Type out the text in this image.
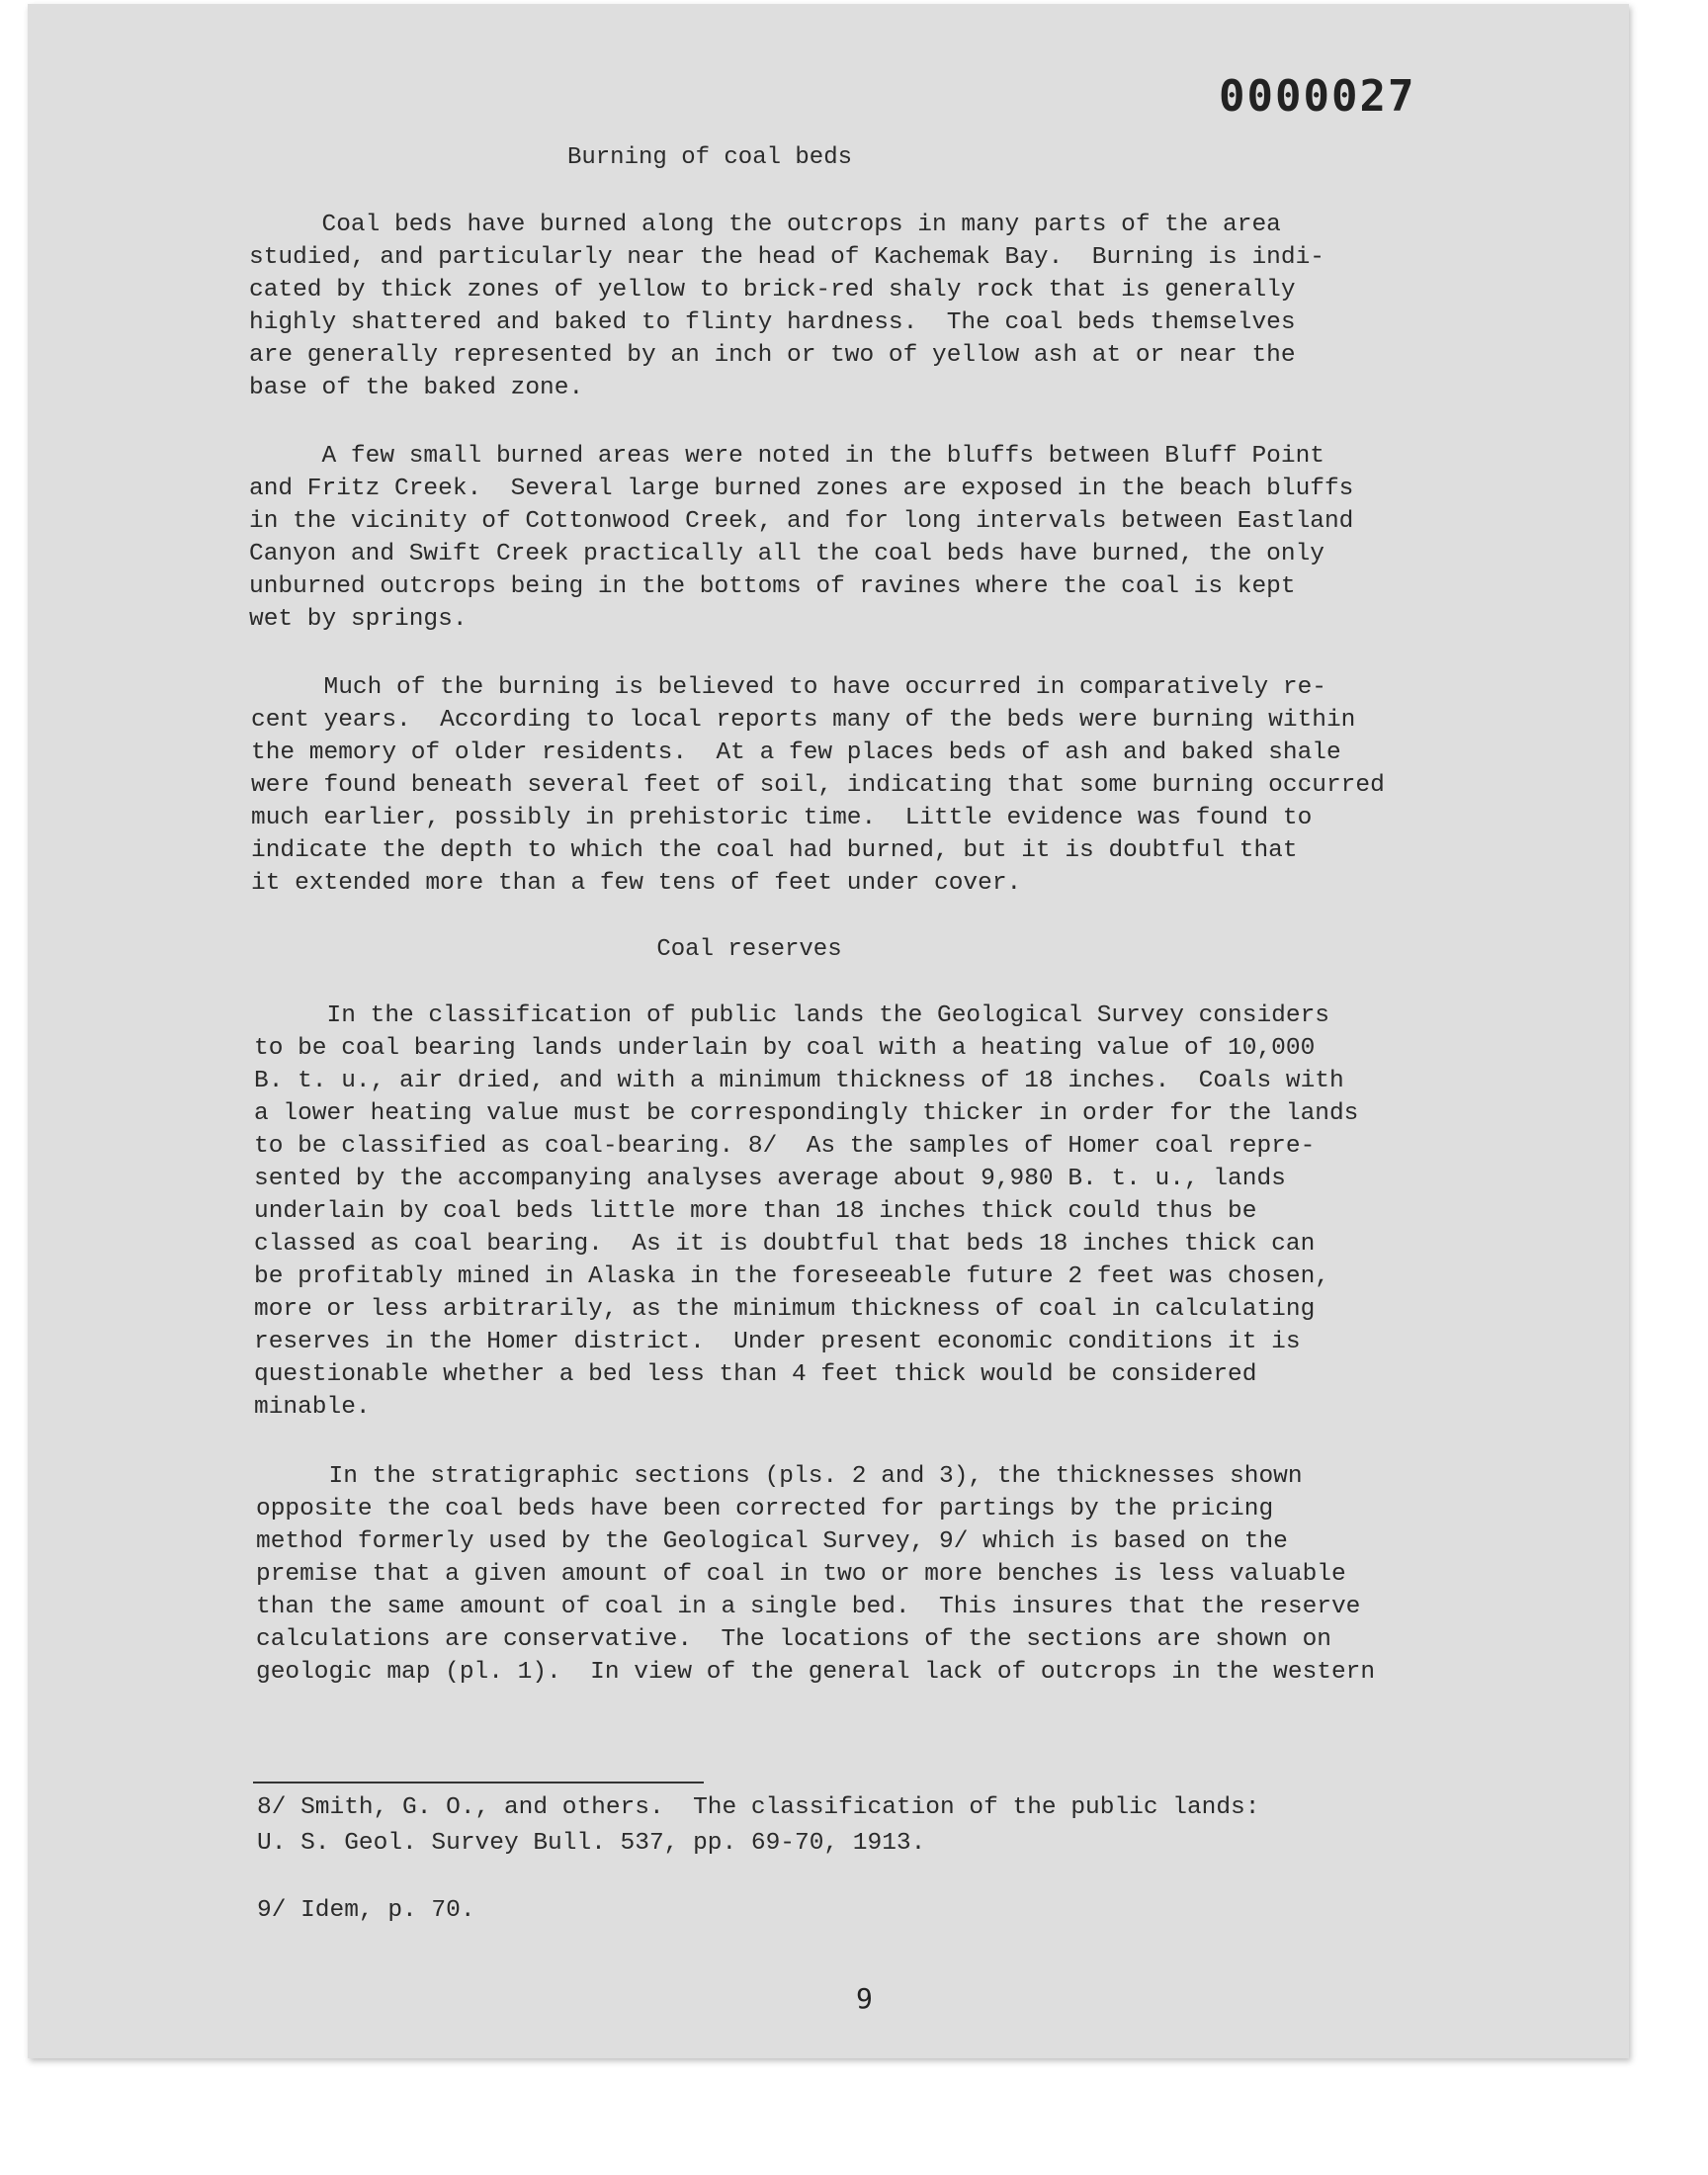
0000027
Burning of coal beds
Coal beds have burned along the outcrops in many parts of the area
studied, and particularly near the head of Kachemak Bay.  Burning is indi-
cated by thick zones of yellow to brick-red shaly rock that is generally
highly shattered and baked to flinty hardness.  The coal beds themselves
are generally represented by an inch or two of yellow ash at or near the
base of the baked zone.
A few small burned areas were noted in the bluffs between Bluff Point
and Fritz Creek.  Several large burned zones are exposed in the beach bluffs
in the vicinity of Cottonwood Creek, and for long intervals between Eastland
Canyon and Swift Creek practically all the coal beds have burned, the only
unburned outcrops being in the bottoms of ravines where the coal is kept
wet by springs.
Much of the burning is believed to have occurred in comparatively re-
cent years.  According to local reports many of the beds were burning within
the memory of older residents.  At a few places beds of ash and baked shale
were found beneath several feet of soil, indicating that some burning occurred
much earlier, possibly in prehistoric time.  Little evidence was found to
indicate the depth to which the coal had burned, but it is doubtful that
it extended more than a few tens of feet under cover.
Coal reserves
In the classification of public lands the Geological Survey considers
to be coal bearing lands underlain by coal with a heating value of 10,000
B. t. u., air dried, and with a minimum thickness of 18 inches.  Coals with
a lower heating value must be correspondingly thicker in order for the lands
to be classified as coal-bearing. 8/  As the samples of Homer coal repre-
sented by the accompanying analyses average about 9,980 B. t. u., lands
underlain by coal beds little more than 18 inches thick could thus be
classed as coal bearing.  As it is doubtful that beds 18 inches thick can
be profitably mined in Alaska in the foreseeable future 2 feet was chosen,
more or less arbitrarily, as the minimum thickness of coal in calculating
reserves in the Homer district.  Under present economic conditions it is
questionable whether a bed less than 4 feet thick would be considered
minable.
In the stratigraphic sections (pls. 2 and 3), the thicknesses shown
opposite the coal beds have been corrected for partings by the pricing
method formerly used by the Geological Survey, 9/ which is based on the
premise that a given amount of coal in two or more benches is less valuable
than the same amount of coal in a single bed.  This insures that the reserve
calculations are conservative.  The locations of the sections are shown on
geologic map (pl. 1).  In view of the general lack of outcrops in the western
8/ Smith, G. O., and others.  The classification of the public lands:
U. S. Geol. Survey Bull. 537, pp. 69-70, 1913.
9/ Idem, p. 70.
9
